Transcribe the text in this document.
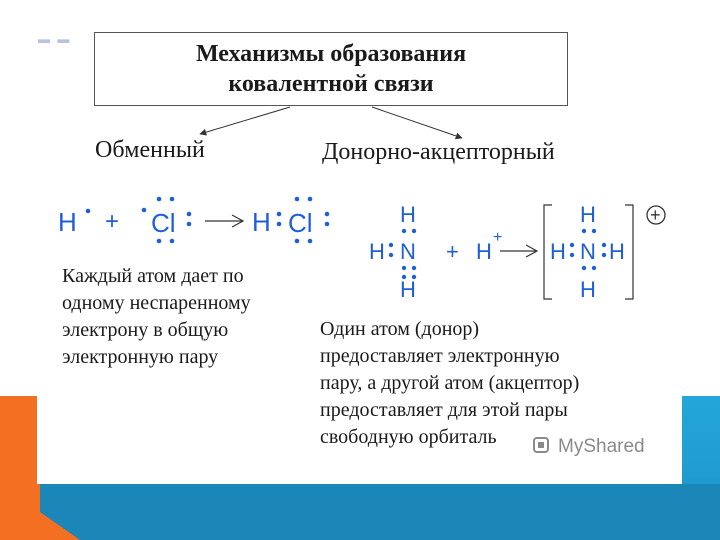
▬ ▬
Механизмы образования
ковалентной связи
Обменный	Донорно-акцепторный
H + Cl	H Cl	H
H N
H
+ H
+
H
H N H
H
+

Каждый атом дает по
одному неспаренному
электрону в общую
электронную пару

Один атом (донор)
предоставляет электронную
пару, а другой атом (акцептор)
предоставляет для этой пары
свободную орбиталь	MyShared
